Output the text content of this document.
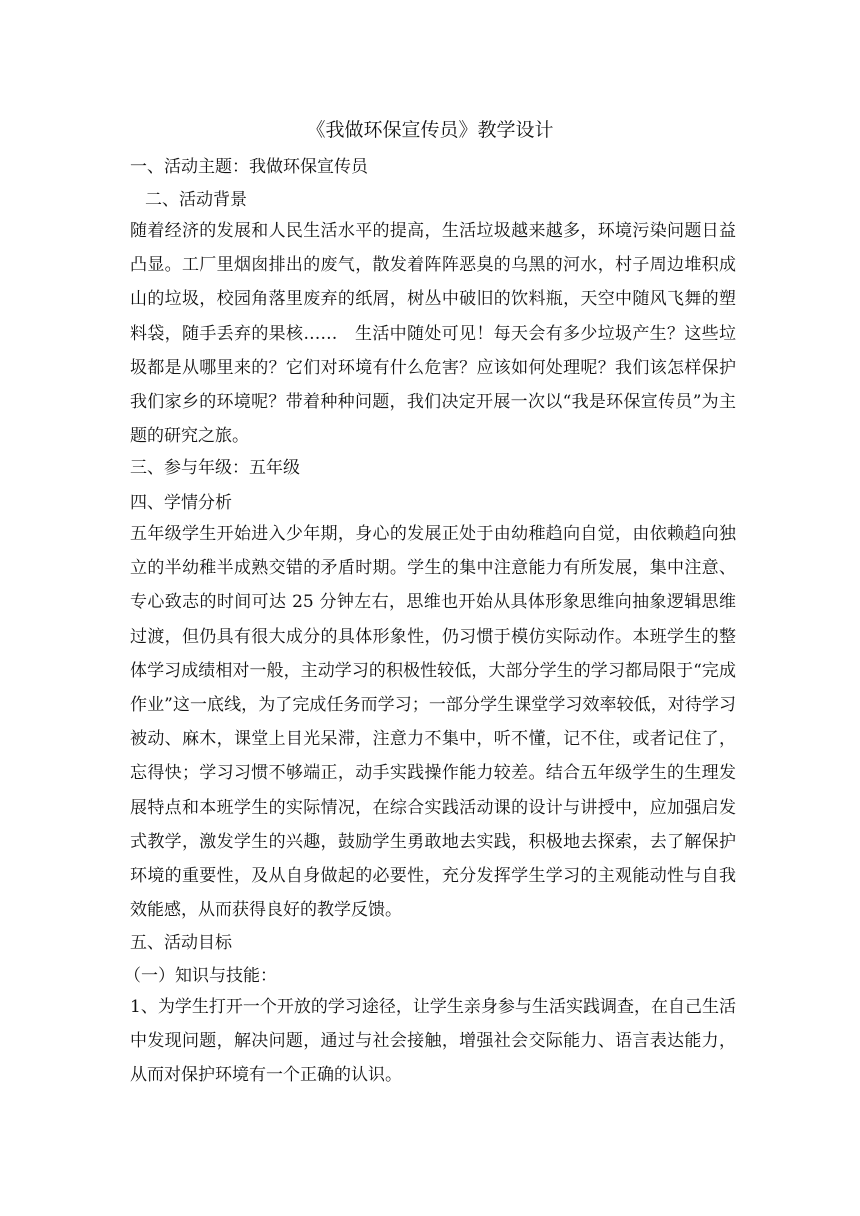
《我做环保宣传员》教学设计
一、活动主题：我做环保宣传员
二、活动背景
随着经济的发展和人民生活水平的提高，生活垃圾越来越多，环境污染问题日益凸显。工厂里烟囱排出的废气，散发着阵阵恶臭的乌黑的河水，村子周边堆积成山的垃圾，校园角落里废弃的纸屑，树丛中破旧的饮料瓶，天空中随风飞舞的塑料袋，随手丢弃的果核……　生活中随处可见！每天会有多少垃圾产生？这些垃圾都是从哪里来的？它们对环境有什么危害？应该如何处理呢？我们该怎样保护我们家乡的环境呢？带着种种问题，我们决定开展一次以“我是环保宣传员”为主题的研究之旅。
三、参与年级：五年级
四、学情分析
五年级学生开始进入少年期，身心的发展正处于由幼稚趋向自觉，由依赖趋向独立的半幼稚半成熟交错的矛盾时期。学生的集中注意能力有所发展，集中注意、专心致志的时间可达 25 分钟左右，思维也开始从具体形象思维向抽象逻辑思维过渡，但仍具有很大成分的具体形象性，仍习惯于模仿实际动作。本班学生的整体学习成绩相对一般，主动学习的积极性较低，大部分学生的学习都局限于“完成作业”这一底线，为了完成任务而学习；一部分学生课堂学习效率较低，对待学习被动、麻木，课堂上目光呆滞，注意力不集中，听不懂，记不住，或者记住了，忘得快；学习习惯不够端正，动手实践操作能力较差。结合五年级学生的生理发展特点和本班学生的实际情况，在综合实践活动课的设计与讲授中，应加强启发式教学，激发学生的兴趣，鼓励学生勇敢地去实践，积极地去探索，去了解保护环境的重要性，及从自身做起的必要性，充分发挥学生学习的主观能动性与自我效能感，从而获得良好的教学反馈。
五、活动目标
（一）知识与技能：
1、为学生打开一个开放的学习途径，让学生亲身参与生活实践调查，在自己生活中发现问题，解决问题，通过与社会接触，增强社会交际能力、语言表达能力，从而对保护环境有一个正确的认识。
